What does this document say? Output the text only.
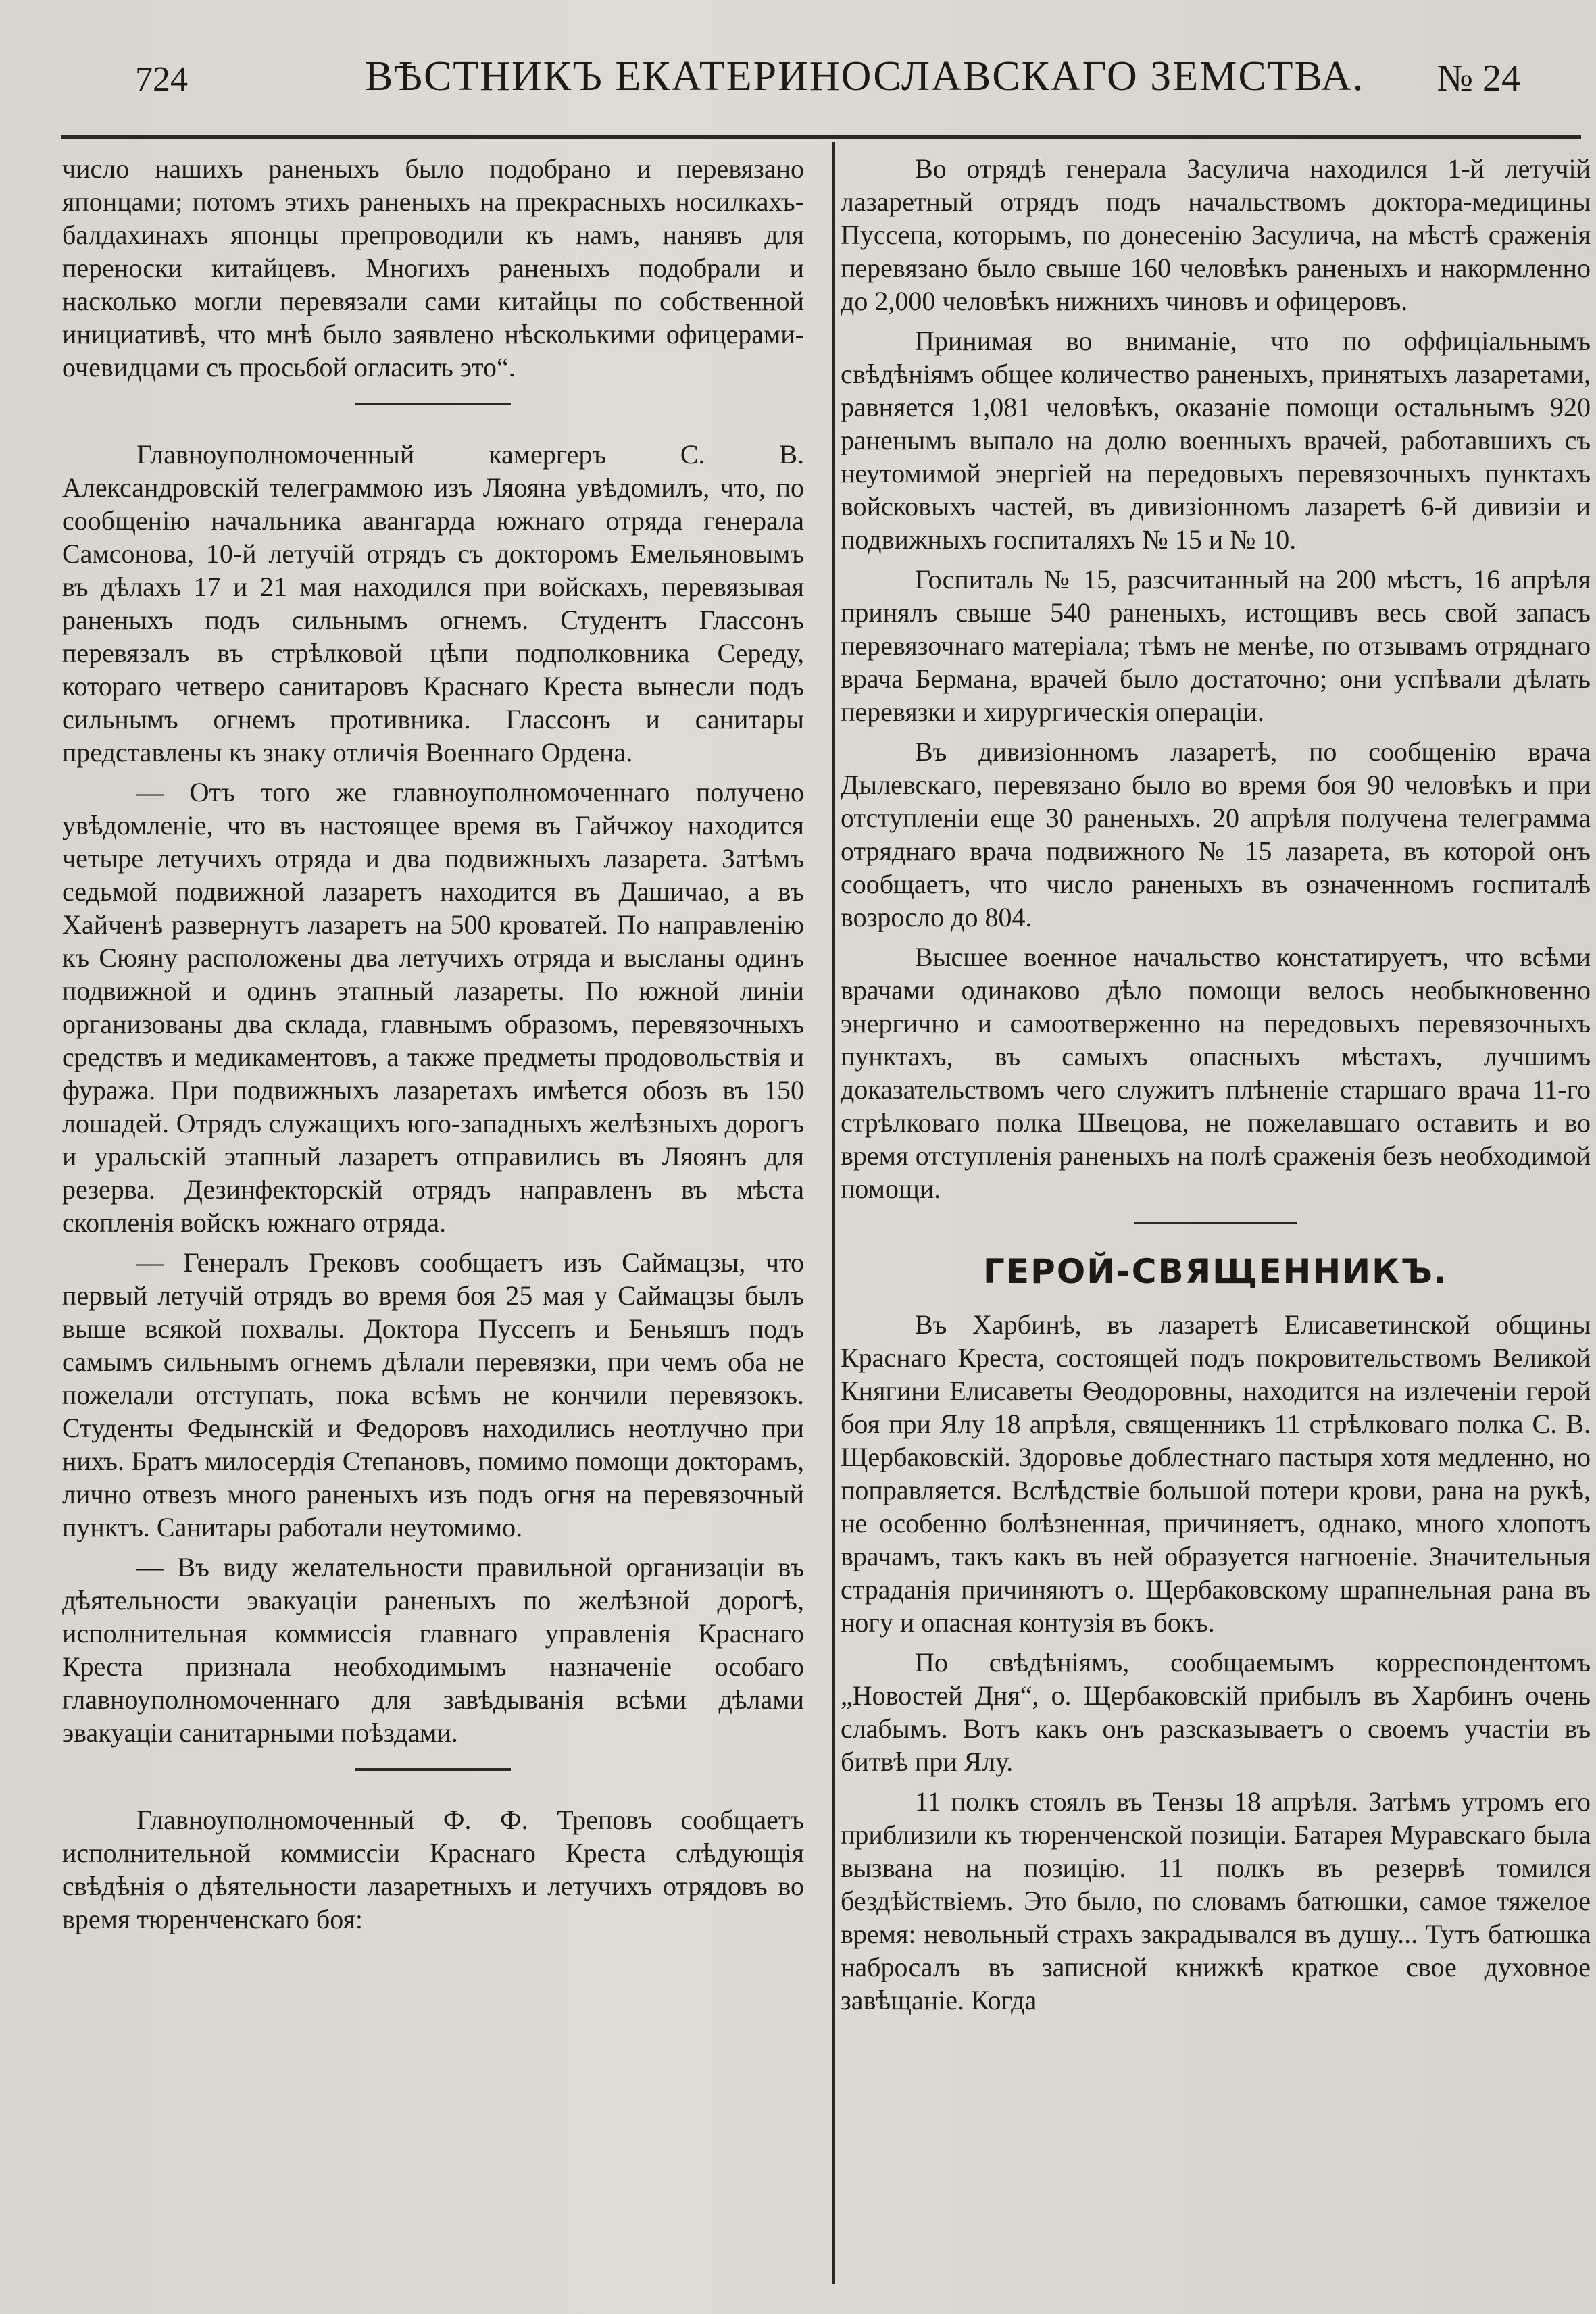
724	ВѢСТНИКЪ ЕКАТЕРИНОСЛАВСКАГО ЗЕМСТВА. № 24

число нашихъ раненыхъ было подобрано и перевязано японцами; потомъ этихъ раненыхъ на прекрасныхъ носилкахъ-балдахинахъ японцы препроводили къ намъ, нанявъ для переноски китайцевъ. Многихъ раненыхъ подобрали и насколько могли перевязали сами китайцы по собственной инициативѣ, что мнѣ было заявлено нѣсколькими офицерами-очевидцами съ просьбой огласить это“.

Главноуполномоченный камергеръ С. В. Александровскiй телеграммою изъ Ляояна увѣдомилъ, что, по сообщенiю начальника авангарда южнаго отряда генерала Самсонова, 10-й летучiй отрядъ съ докторомъ Емельяновымъ въ дѣлахъ 17 и 21 мая находился при войскахъ, перевязывая раненыхъ подъ сильнымъ огнемъ. Студентъ Глассонъ перевязалъ въ стрѣлковой цѣпи подполковника Середу, котораго четверо санитаровъ Краснаго Креста вынесли подъ сильнымъ огнемъ противника. Глассонъ и санитары представлены къ знаку отличiя Военнаго Ордена.

— Отъ того же главноуполномоченнаго получено увѣдомленiе, что въ настоящее время въ Гайчжоу находится четыре летучихъ отряда и два подвижныхъ лазарета. Затѣмъ седьмой подвижной лазаретъ находится въ Дашичао, а въ Хайченѣ развернутъ лазаретъ на 500 кроватей. По направленiю къ Сюяну расположены два летучихъ отряда и высланы одинъ подвижной и одинъ этапный лазареты. По южной линiи организованы два склада, главнымъ образомъ, перевязочныхъ средствъ и медикаментовъ, а также предметы продовольствiя и фуража. При подвижныхъ лазаретахъ имѣется обозъ въ 150 лошадей. Отрядъ служащихъ юго-западныхъ желѣзныхъ дорогъ и уральскiй этапный лазаретъ отправились въ Ляоянъ для резерва. Дезинфекторскiй отрядъ направленъ въ мѣста скопленiя войскъ южнаго отряда.

— Генералъ Грековъ сообщаетъ изъ Саймацзы, что первый летучiй отрядъ во время боя 25 мая у Саймацзы былъ выше всякой похвалы. Доктора Пуссепъ и Беньяшъ подъ самымъ сильнымъ огнемъ дѣлали перевязки, при чемъ оба не пожелали отступать, пока всѣмъ не кончили перевязокъ. Студенты Федынскiй и Федоровъ находились неотлучно при нихъ. Братъ милосердiя Степановъ, помимо помощи докторамъ, лично отвезъ много раненыхъ изъ подъ огня на перевязочный пунктъ. Санитары работали неутомимо.

— Въ виду желательности правильной организацiи въ дѣятельности эвакуацiи раненыхъ по желѣзной дорогѣ, исполнительная коммиссiя главнаго управленiя Краснаго Креста признала необходимымъ назначенiе особаго главноуполномоченнаго для завѣдыванiя всѣми дѣлами эвакуацiи санитарными поѣздами.

Главноуполномоченный Ф. Ф. Треповъ сообщаетъ исполнительной коммиссiи Краснаго Креста слѣдующiя свѣдѣнiя о дѣятельности лазаретныхъ и летучихъ отрядовъ во время тюренченскаго боя:

Во отрядѣ генерала Засулича находился 1-й летучiй лазаретный отрядъ подъ начальствомъ доктора-медицины Пуссепа, которымъ, по донесенiю Засулича, на мѣстѣ сраженiя перевязано было свыше 160 человѣкъ раненыхъ и накормленно до 2,000 человѣкъ нижнихъ чиновъ и офицеровъ.

Принимая во вниманiе, что по оффицiальнымъ свѣдѣнiямъ общее количество раненыхъ, принятыхъ лазаретами, равняется 1,081 человѣкъ, оказанiе помощи остальнымъ 920 раненымъ выпало на долю военныхъ врачей, работавшихъ съ неутомимой энергiей на передовыхъ перевязочныхъ пунктахъ войсковыхъ частей, въ дивизiонномъ лазаретѣ 6-й дивизiи и подвижныхъ госпиталяхъ № 15 и № 10.

Госпиталь № 15, разсчитанный на 200 мѣстъ, 16 апрѣля принялъ свыше 540 раненыхъ, истощивъ весь свой запасъ перевязочнаго матерiала; тѣмъ не менѣе, по отзывамъ отряднаго врача Бермана, врачей было достаточно; они успѣвали дѣлать перевязки и хирургическiя операцiи.

Въ дивизiонномъ лазаретѣ, по сообщенiю врача Дылевскаго, перевязано было во время боя 90 человѣкъ и при отступленiи еще 30 раненыхъ. 20 апрѣля получена телеграмма отряднаго врача подвижного № 15 лазарета, въ которой онъ сообщаетъ, что число раненыхъ въ означенномъ госпиталѣ возросло до 804.

Высшее военное начальство констатируетъ, что всѣми врачами одинаково дѣло помощи велось необыкновенно энергично и самоотверженно на передовыхъ перевязочныхъ пунктахъ, въ самыхъ опасныхъ мѣстахъ, лучшимъ доказательствомъ чего служитъ плѣненiе старшаго врача 11-го стрѣлковаго полка Швецова, не пожелавшаго оставить и во время отступленiя раненыхъ на полѣ сраженiя безъ необходимой помощи.

ГЕРОЙ-СВЯЩЕННИКЪ.

Въ Харбинѣ, въ лазаретѣ Елисаветинской общины Краснаго Креста, состоящей подъ покровительствомъ Великой Княгини Елисаветы Ѳеодоровны, находится на излеченiи герой боя при Ялу 18 апрѣля, священникъ 11 стрѣлковаго полка С. В. Щербаковскiй. Здоровье доблестнаго пастыря хотя медленно, но поправляется. Вслѣдствiе большой потери крови, рана на рукѣ, не особенно болѣзненная, причиняетъ, однако, много хлопотъ врачамъ, такъ какъ въ ней образуется нагноенiе. Значительныя страданiя причиняютъ о. Щербаковскому шрапнельная рана въ ногу и опасная контузiя въ бокъ.

По свѣдѣнiямъ, сообщаемымъ корреспондентомъ „Новостей Дня“, о. Щербаковскiй прибылъ въ Харбинъ очень слабымъ. Вотъ какъ онъ разсказываетъ о своемъ участiи въ битвѣ при Ялу.

11 полкъ стоялъ въ Тензы 18 апрѣля. Затѣмъ утромъ его приблизили къ тюренченской позицiи. Батарея Муравскаго была вызвана на позицiю. 11 полкъ въ резервѣ томился бездѣйствiемъ. Это было, по словамъ батюшки, самое тяжелое время: невольный страхъ закрадывался въ душу... Тутъ батюшка набросалъ въ записной книжкѣ краткое свое духовное завѣщанiе. Когда
